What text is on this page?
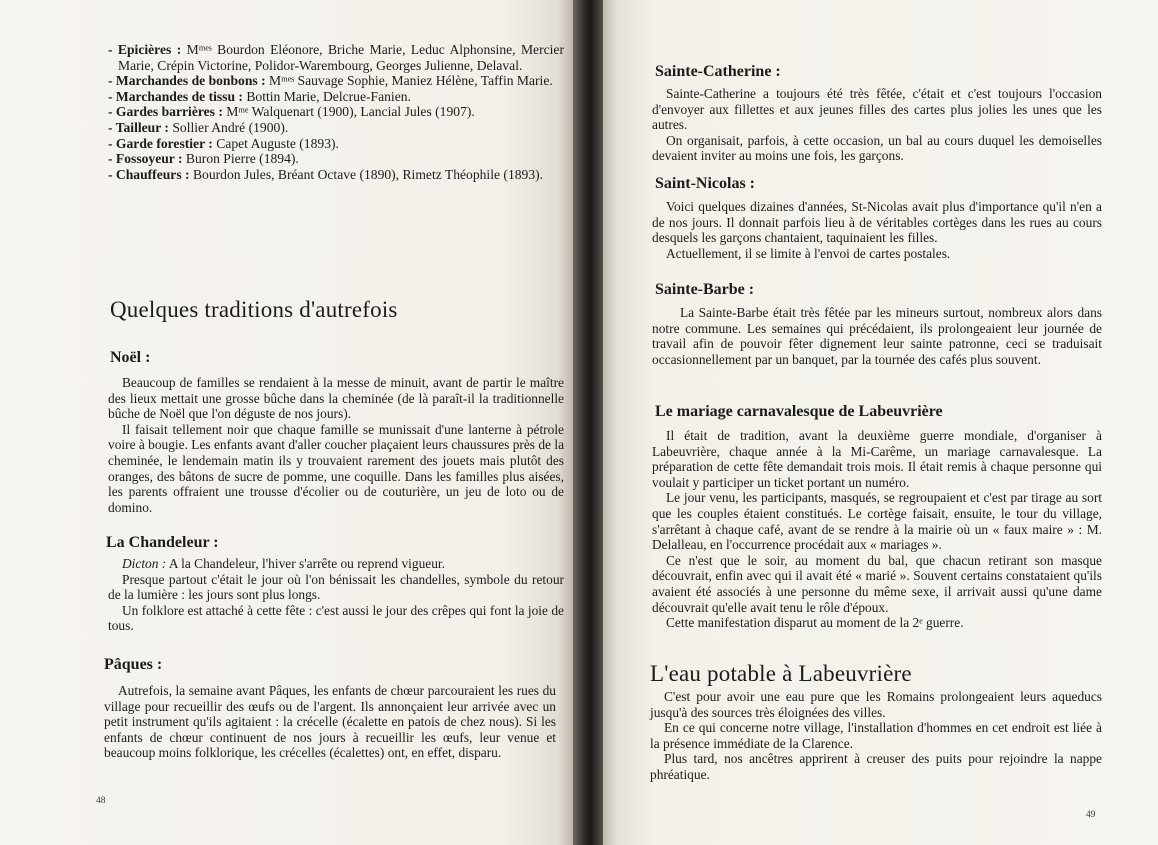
- Epicières : Mᵐᵉˢ Bourdon Eléonore, Briche Marie, Leduc Alphonsine, Mercier Marie, Crépin Victorine, Polidor-Warembourg, Georges Julienne, Delaval.

- Marchandes de bonbons : Mᵐᵉˢ Sauvage Sophie, Maniez Hélène, Taffin Marie.

- Marchandes de tissu : Bottin Marie, Delcrue-Fanien.

- Gardes barrières : Mᵐᵉ Walquenart (1900), Lancial Jules (1907).

- Tailleur : Sollier André (1900).

- Garde forestier : Capet Auguste (1893).

- Fossoyeur : Buron Pierre (1894).

- Chauffeurs : Bourdon Jules, Bréant Octave (1890), Rimetz Théophile (1893).

Quelques traditions d'autrefois
Noël :

Beaucoup de familles se rendaient à la messe de minuit, avant de partir le maître des lieux mettait une grosse bûche dans la cheminée (de là paraît-il la traditionnelle bûche de Noël que l'on déguste de nos jours).

Il faisait tellement noir que chaque famille se munissait d'une lanterne à pétrole voire à bougie. Les enfants avant d'aller coucher plaçaient leurs chaussures près de la cheminée, le lendemain matin ils y trouvaient rarement des jouets mais plutôt des oranges, des bâtons de sucre de pomme, une coquille. Dans les familles plus aisées, les parents offraient une trousse d'écolier ou de couturière, un jeu de loto ou de domino.

La Chandeleur :

Dicton : A la Chandeleur, l'hiver s'arrête ou reprend vigueur.

Presque partout c'était le jour où l'on bénissait les chandelles, symbole du retour de la lumière : les jours sont plus longs.

Un folklore est attaché à cette fête : c'est aussi le jour des crêpes qui font la joie de tous.

Pâques :

Autrefois, la semaine avant Pâques, les enfants de chœur parcouraient les rues du village pour recueillir des œufs ou de l'argent. Ils annonçaient leur arrivée avec un petit instrument qu'ils agitaient : la crécelle (écalette en patois de chez nous). Si les enfants de chœur continuent de nos jours à recueillir les œufs, leur venue et beaucoup moins folklorique, les crécelles (écalettes) ont, en effet, disparu.

48
Sainte-Catherine :

Sainte-Catherine a toujours été très fêtée, c'était et c'est toujours l'occasion d'envoyer aux fillettes et aux jeunes filles des cartes plus jolies les unes que les autres.

On organisait, parfois, à cette occasion, un bal au cours duquel les demoiselles devaient inviter au moins une fois, les garçons.

Saint-Nicolas :

Voici quelques dizaines d'années, St-Nicolas avait plus d'importance qu'il n'en a de nos jours. Il donnait parfois lieu à de véritables cortèges dans les rues au cours desquels les garçons chantaient, taquinaient les filles.

Actuellement, il se limite à l'envoi de cartes postales.

Sainte-Barbe :

La Sainte-Barbe était très fêtée par les mineurs surtout, nombreux alors dans notre commune. Les semaines qui précédaient, ils prolongeaient leur journée de travail afin de pouvoir fêter dignement leur sainte patronne, ceci se traduisait occasionnellement par un banquet, par la tournée des cafés plus souvent.

Le mariage carnavalesque de Labeuvrière

Il était de tradition, avant la deuxième guerre mondiale, d'organiser à Labeuvrière, chaque année à la Mi-Carême, un mariage carnavalesque. La préparation de cette fête demandait trois mois. Il était remis à chaque personne qui voulait y participer un ticket portant un numéro.

Le jour venu, les participants, masqués, se regroupaient et c'est par tirage au sort que les couples étaient constitués. Le cortège faisait, ensuite, le tour du village, s'arrêtant à chaque café, avant de se rendre à la mairie où un « faux maire » : M. Delalleau, en l'occurrence procédait aux « mariages ».

Ce n'est que le soir, au moment du bal, que chacun retirant son masque découvrait, enfin avec qui il avait été « marié ». Souvent certains constataient qu'ils avaient été associés à une personne du même sexe, il arrivait aussi qu'une dame découvrait qu'elle avait tenu le rôle d'époux.

Cette manifestation disparut au moment de la 2ᵉ guerre.

L'eau potable à Labeuvrière

C'est pour avoir une eau pure que les Romains prolongeaient leurs aqueducs jusqu'à des sources très éloignées des villes.

En ce qui concerne notre village, l'installation d'hommes en cet endroit est liée à la présence immédiate de la Clarence.

Plus tard, nos ancêtres apprirent à creuser des puits pour rejoindre la nappe phréatique.

49
